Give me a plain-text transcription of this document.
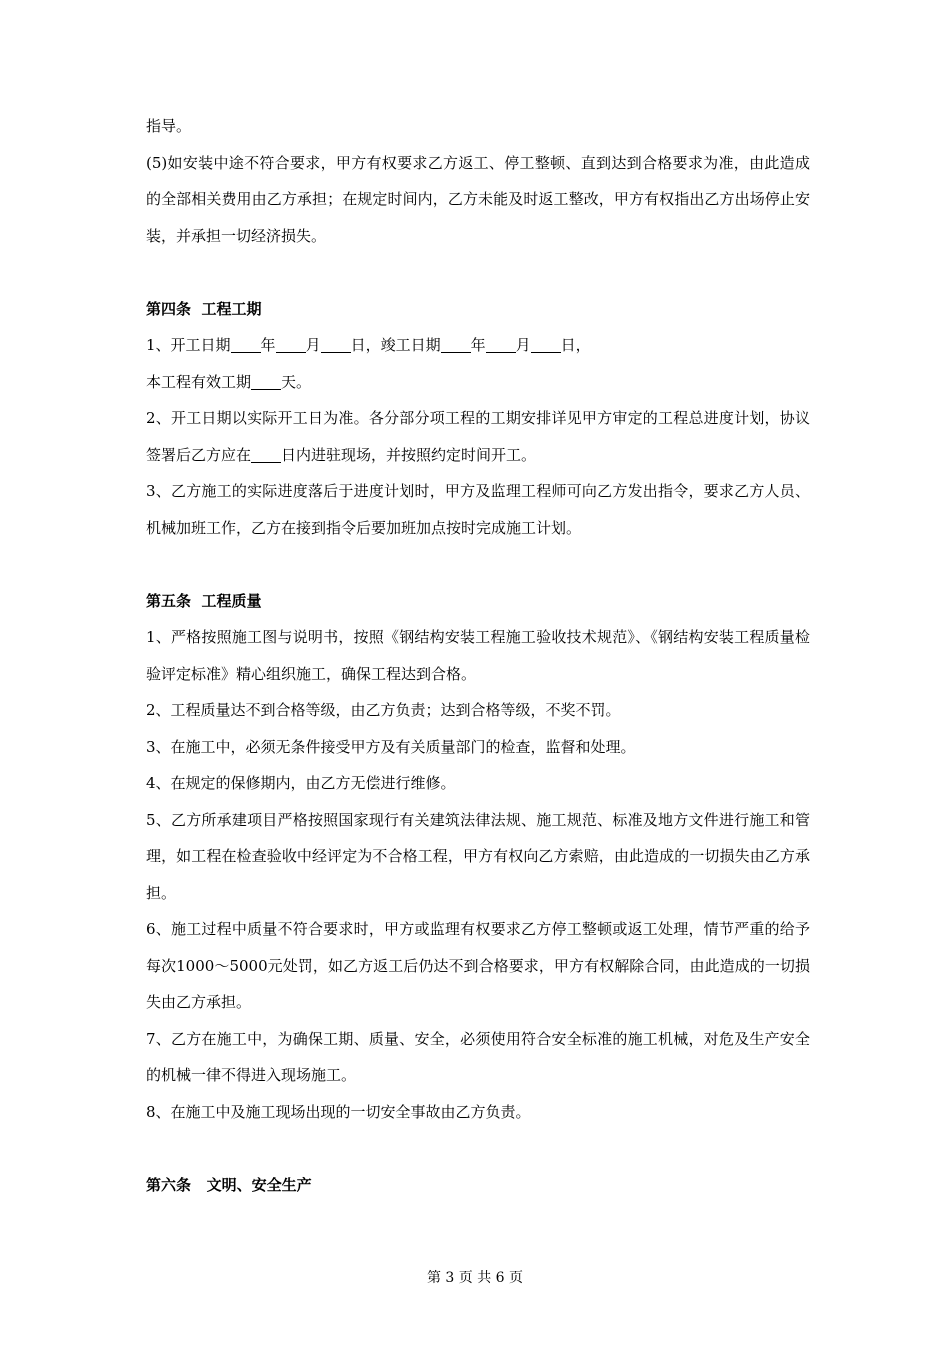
指导。

(5)如安装中途不符合要求，甲方有权要求乙方返工、停工整顿、直到达到合格要求为准，由此造成的全部相关费用由乙方承担；在规定时间内，乙方未能及时返工整改，甲方有权指出乙方出场停止安装，并承担一切经济损失。

第四条  工程工期

1、开工日期 年 月 日，竣工日期 年 月 日，

本工程有效工期 天。

2、开工日期以实际开工日为准。各分部分项工程的工期安排详见甲方审定的工程总进度计划，协议签署后乙方应在 日内进驻现场，并按照约定时间开工。

3、乙方施工的实际进度落后于进度计划时，甲方及监理工程师可向乙方发出指令，要求乙方人员、机械加班工作，乙方在接到指令后要加班加点按时完成施工计划。

第五条  工程质量

1、严格按照施工图与说明书，按照《钢结构安装工程施工验收技术规范》、《钢结构安装工程质量检验评定标准》精心组织施工，确保工程达到合格。

2、工程质量达不到合格等级，由乙方负责；达到合格等级，不奖不罚。

3、在施工中，必须无条件接受甲方及有关质量部门的检查，监督和处理。

4、在规定的保修期内，由乙方无偿进行维修。

5、乙方所承建项目严格按照国家现行有关建筑法律法规、施工规范、标准及地方文件进行施工和管理，如工程在检查验收中经评定为不合格工程，甲方有权向乙方索赔，由此造成的一切损失由乙方承担。

6、施工过程中质量不符合要求时，甲方或监理有权要求乙方停工整顿或返工处理，情节严重的给予每次1000～5000元处罚，如乙方返工后仍达不到合格要求，甲方有权解除合同，由此造成的一切损失由乙方承担。

7、乙方在施工中，为确保工期、质量、安全，必须使用符合安全标准的施工机械，对危及生产安全的机械一律不得进入现场施工。

8、在施工中及施工现场出现的一切安全事故由乙方负责。

第六条   文明、安全生产

第 3 页 共 6 页
